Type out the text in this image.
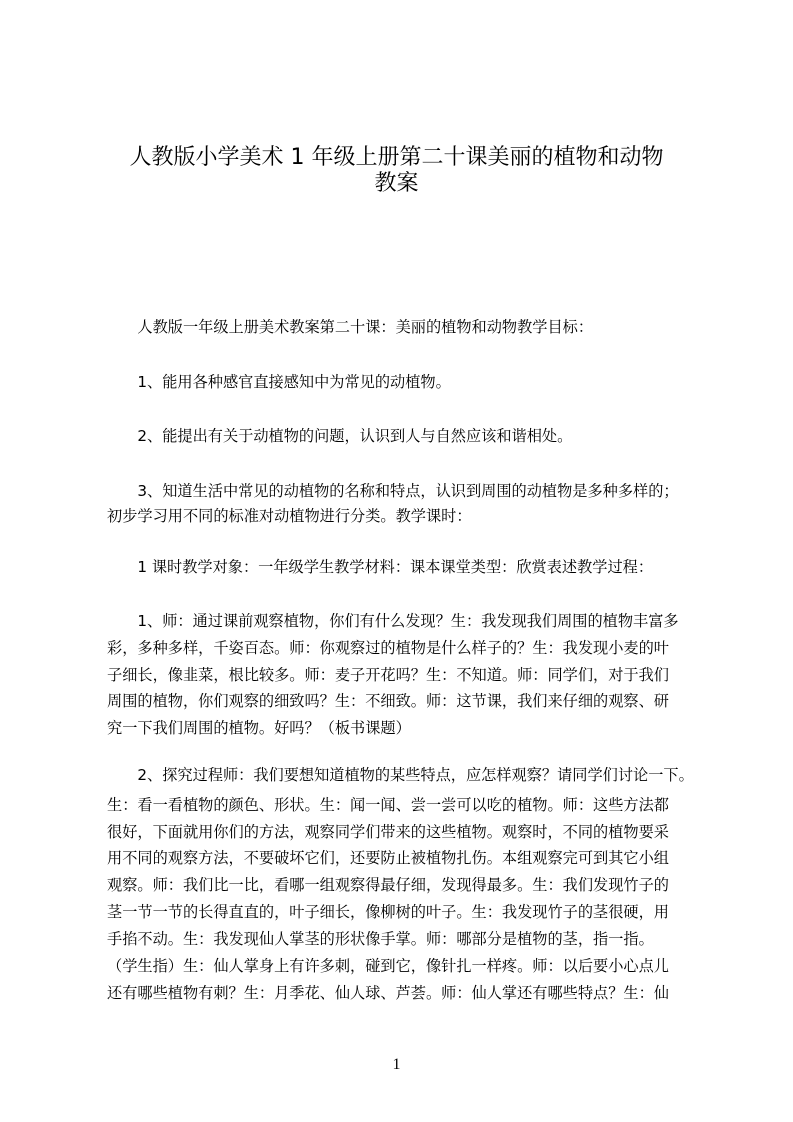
人教版小学美术 1 年级上册第二十课美丽的植物和动物
教案
　　人教版一年级上册美术教案第二十课：美丽的植物和动物教学目标：
　　1、能用各种感官直接感知中为常见的动植物。
　　2、能提出有关于动植物的问题，认识到人与自然应该和谐相处。
　　3、知道生活中常见的动植物的名称和特点，认识到周围的动植物是多种多样的；
初步学习用不同的标准对动植物进行分类。教学课时：
　　1 课时教学对象：一年级学生教学材料：课本课堂类型：欣赏表述教学过程：
　　1、师：通过课前观察植物，你们有什么发现？生：我发现我们周围的植物丰富多
彩，多种多样，千姿百态。师：你观察过的植物是什么样子的？生：我发现小麦的叶
子细长，像韭菜，根比较多。师：麦子开花吗？生：不知道。师：同学们，对于我们
周围的植物，你们观察的细致吗？生：不细致。师：这节课，我们来仔细的观察、研
究一下我们周围的植物。好吗？（板书课题）
　　2、探究过程师：我们要想知道植物的某些特点，应怎样观察？请同学们讨论一下。
生：看一看植物的颜色、形状。生：闻一闻、尝一尝可以吃的植物。师：这些方法都
很好，下面就用你们的方法，观察同学们带来的这些植物。观察时，不同的植物要采
用不同的观察方法，不要破坏它们，还要防止被植物扎伤。本组观察完可到其它小组
观察。师：我们比一比，看哪一组观察得最仔细，发现得最多。生：我们发现竹子的
茎一节一节的长得直直的，叶子细长，像柳树的叶子。生：我发现竹子的茎很硬，用
手掐不动。生：我发现仙人掌茎的形状像手掌。师：哪部分是植物的茎，指一指。
（学生指）生：仙人掌身上有许多刺，碰到它，像针扎一样疼。师：以后要小心点儿
还有哪些植物有刺？生：月季花、仙人球、芦荟。师：仙人掌还有哪些特点？生：仙
1
